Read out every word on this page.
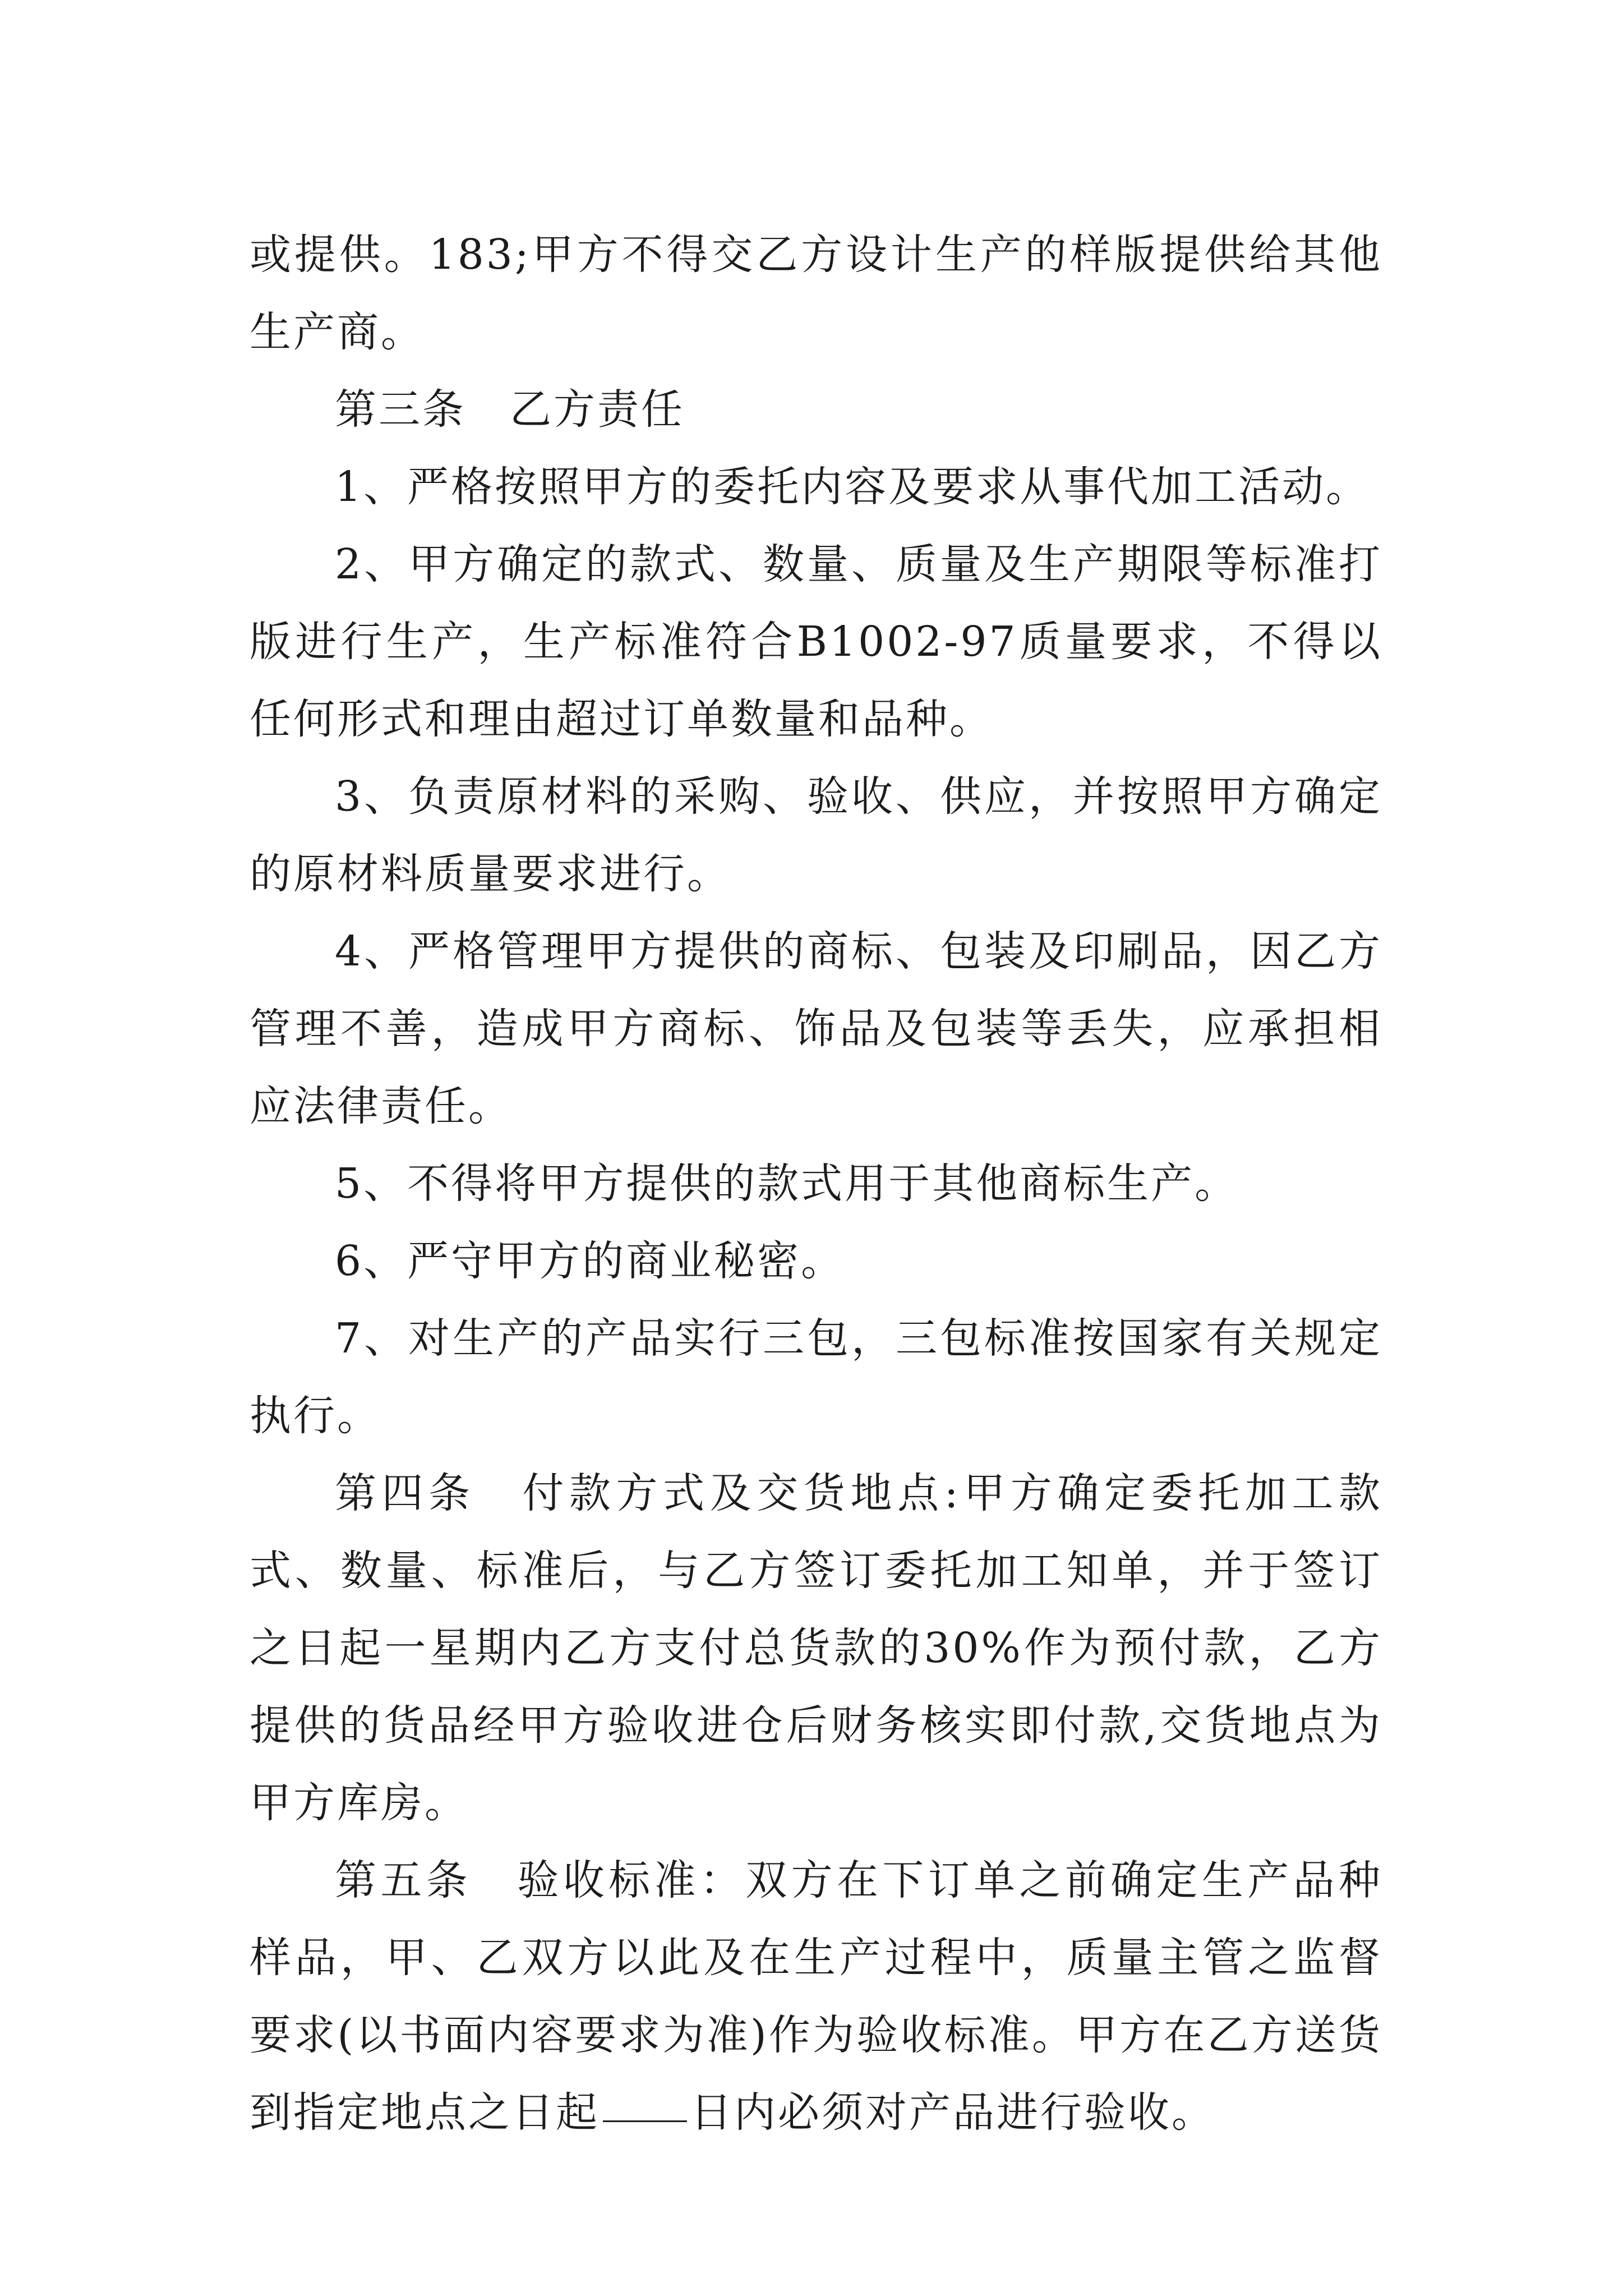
或提供。183;甲方不得交乙方设计生产的样版提供给其他生产商。

第三条　乙方责任

1、严格按照甲方的委托内容及要求从事代加工活动。

2、甲方确定的款式、数量、质量及生产期限等标准打版进行生产，生产标准符合B1002-97质量要求，不得以任何形式和理由超过订单数量和品种。

3、负责原材料的采购、验收、供应，并按照甲方确定的原材料质量要求进行。

4、严格管理甲方提供的商标、包装及印刷品，因乙方管理不善，造成甲方商标、饰品及包装等丢失，应承担相应法律责任。

5、不得将甲方提供的款式用于其他商标生产。

6、严守甲方的商业秘密。

7、对生产的产品实行三包，三包标准按国家有关规定执行。

第四条　付款方式及交货地点:甲方确定委托加工款式、数量、标准后，与乙方签订委托加工知单，并于签订之日起一星期内乙方支付总货款的30%作为预付款，乙方提供的货品经甲方验收进仓后财务核实即付款,交货地点为甲方库房。

第五条　验收标准：双方在下订单之前确定生产品种样品，甲、乙双方以此及在生产过程中，质量主管之监督要求(以书面内容要求为准)作为验收标准。甲方在乙方送货到指定地点之日起 日内必须对产品进行验收。
